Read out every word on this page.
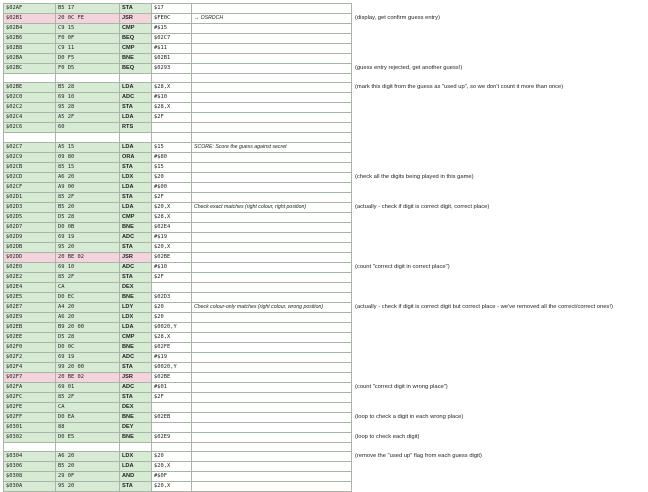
$02AF	B5 17	STA	$17		
$02B1	20 0C FE	JSR	$FE0C	→ OSRDCH	(display, get confirm guess entry)
$02B4	C9 15	CMP	#$15		
$02B6	F0 0F	BEQ	$02C7		
$02B8	C9 11	CMP	#$11		
$02BA	D0 F5	BNE	$02B1		
$02BC	F0 D5	BEQ	$0293		(guess entry rejected, get another guess!)

$02BE	B5 28	LDA	$28,X		(mark this digit from the guess as "used up", so we don't count it more than once)
$02C0	69 10	ADC	#$10		
$02C2	95 28	STA	$28,X		
$02C4	A5 2F	LDA	$2F		
$02C6	60	RTS			

$02C7	A5 15	LDA	$15	SCORE: Score the guess against secret	
$02C9	09 80	ORA	#$80		
$02CB	85 15	STA	$15		
$02CD	A6 20	LDX	$20		(check all the digits being played in this game)
$02CF	A9 00	LDA	#$00		
$02D1	85 2F	STA	$2F		
$02D3	B5 20	LDA	$20,X	Check exact matches (right colour, right position)	(actually - check if digit is correct digit, correct place)
$02D5	D5 28	CMP	$28,X		
$02D7	D0 0B	BNE	$02E4		
$02D9	69 19	ADC	#$19		
$02DB	95 20	STA	$20,X		
$02DD	20 BE 02	JSR	$02BE		
$02E0	69 10	ADC	#$10		(count "correct digit in correct place")
$02E2	85 2F	STA	$2F		
$02E4	CA	DEX			
$02E5	D0 EC	BNE	$02D3		
$02E7	A4 20	LDY	$20	Check colour-only matches (right colour, wrong position)	(actually - check if digit is correct digit but correct place - we've removed all the correct/correct ones!)
$02E9	A6 20	LDX	$20		
$02EB	B9 20 00	LDA	$0020,Y		
$02EE	D5 28	CMP	$28,X		
$02F0	D0 0C	BNE	$02FE		
$02F2	69 19	ADC	#$19		
$02F4	99 20 00	STA	$0020,Y		
$02F7	20 BE 02	JSR	$02BE		
$02FA	69 01	ADC	#$01		(count "correct digit in wrong place")
$02FC	85 2F	STA	$2F		
$02FE	CA	DEX			
$02FF	D0 EA	BNE	$02EB		(loop to check a digit in each wrong place)
$0301	88	DEY			
$0302	D0 E5	BNE	$02E9		(loop to check each digit)

$0304	A6 20	LDX	$20		(remove the "used up" flag from each guess digit)
$0306	B5 20	LDA	$20,X		
$0308	29 0F	AND	#$0F		
$030A	95 20	STA	$20,X		
